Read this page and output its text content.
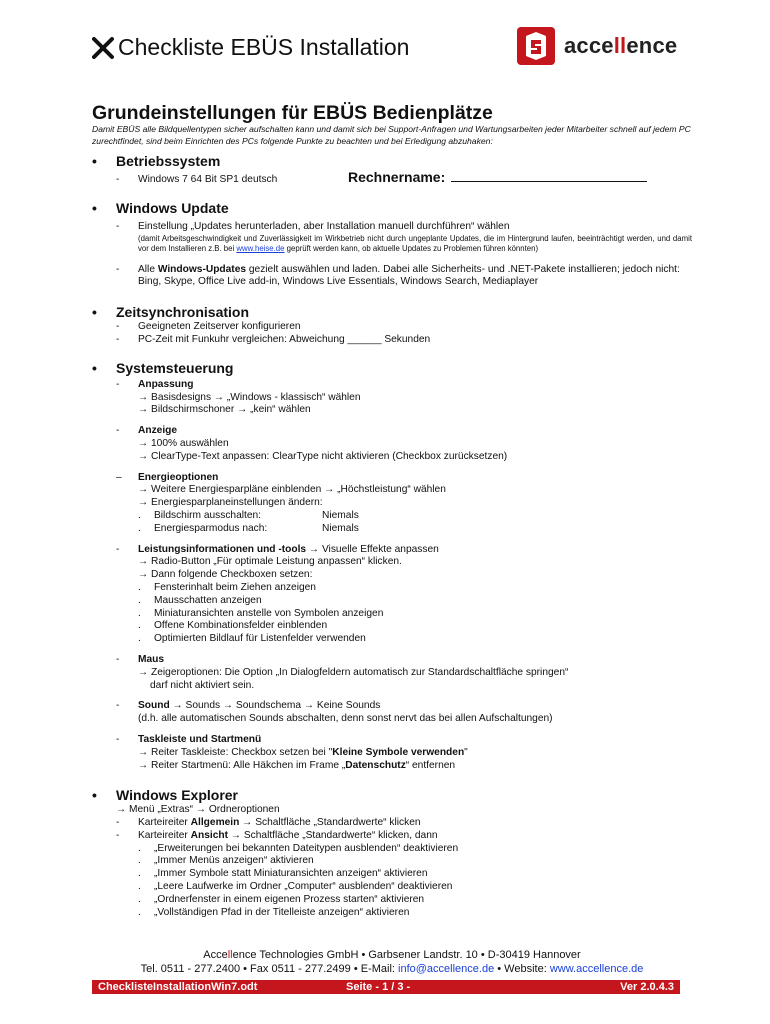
Checkliste EBÜS Installation	accellence
Grundeinstellungen für EBÜS Bedienplätze
Damit EBÜS alle Bildquellentypen sicher aufschalten kann und damit sich bei Support-Anfragen und Wartungsarbeiten jeder Mitarbeiter schnell auf jedem PC zurechtfindet, sind beim Einrichten des PCs folgende Punkte zu beachten und bei Erledigung abzuhaken:
• Betriebssystem
- Windows 7 64 Bit SP1 deutsch	Rechnername:
• Windows Update
- Einstellung „Updates herunterladen, aber Installation manuell durchführen“ wählen
(damit Arbeitsgeschwindigkeit und Zuverlässigkeit im Wirkbetrieb nicht durch ungeplante Updates, die im Hintergrund laufen, beeinträchtigt werden, und damit vor dem Installieren z.B. bei www.heise.de geprüft werden kann, ob aktuelle Updates zu Problemen führen könnten)
- Alle Windows-Updates gezielt auswählen und laden. Dabei alle Sicherheits- und .NET-Pakete installieren; jedoch nicht:
Bing, Skype, Office Live add-in, Windows Live Essentials, Windows Search, Mediaplayer
• Zeitsynchronisation
- Geeigneten Zeitserver konfigurieren
- PC-Zeit mit Funkuhr vergleichen: Abweichung ______ Sekunden
• Systemsteuerung
- Anpassung
→ Basisdesigns → „Windows - klassisch“ wählen
→ Bildschirmschoner → „kein“ wählen
- Anzeige
→ 100% auswählen
→ ClearType-Text anpassen: ClearType nicht aktivieren (Checkbox zurücksetzen)
– Energieoptionen
→ Weitere Energiesparpläne einblenden → „Höchstleistung“ wählen
→ Energiesparplaneinstellungen ändern:
. Bildschirm ausschalten:	Niemals
. Energiesparmodus nach:	Niemals
- Leistungsinformationen und -tools → Visuelle Effekte anpassen
→ Radio-Button „Für optimale Leistung anpassen“ klicken.
→ Dann folgende Checkboxen setzen:
. Fensterinhalt beim Ziehen anzeigen
. Mausschatten anzeigen
. Miniaturansichten anstelle von Symbolen anzeigen
. Offene Kombinationsfelder einblenden
. Optimierten Bildlauf für Listenfelder verwenden
- Maus
→ Zeigeroptionen: Die Option „In Dialogfeldern automatisch zur Standardschaltfläche springen“
darf nicht aktiviert sein.
- Sound → Sounds → Soundschema → Keine Sounds
(d.h. alle automatischen Sounds abschalten, denn sonst nervt das bei allen Aufschaltungen)
- Taskleiste und Startmenü
→ Reiter Taskleiste: Checkbox setzen bei "Kleine Symbole verwenden"
→ Reiter Startmenü: Alle Häkchen im Frame „Datenschutz“ entfernen
• Windows Explorer
→ Menü „Extras“ → Ordneroptionen
- Karteireiter Allgemein → Schaltfläche „Standardwerte“ klicken
- Karteireiter Ansicht → Schaltfläche „Standardwerte“ klicken, dann
. „Erweiterungen bei bekannten Dateitypen ausblenden“ deaktivieren
. „Immer Menüs anzeigen“ aktivieren
. „Immer Symbole statt Miniaturansichten anzeigen“ aktivieren
. „Leere Laufwerke im Ordner „Computer“ ausblenden“ deaktivieren
. „Ordnerfenster in einem eigenen Prozess starten“ aktivieren
. „Vollständigen Pfad in der Titelleiste anzeigen“ aktivieren
Accellence Technologies GmbH • Garbsener Landstr. 10 • D-30419 Hannover
Tel. 0511 - 277.2400 • Fax 0511 - 277.2499 • E-Mail: info@accellence.de • Website: www.accellence.de
ChecklisteInstallationWin7.odt	Seite - 1 / 3 -	Ver 2.0.4.3
